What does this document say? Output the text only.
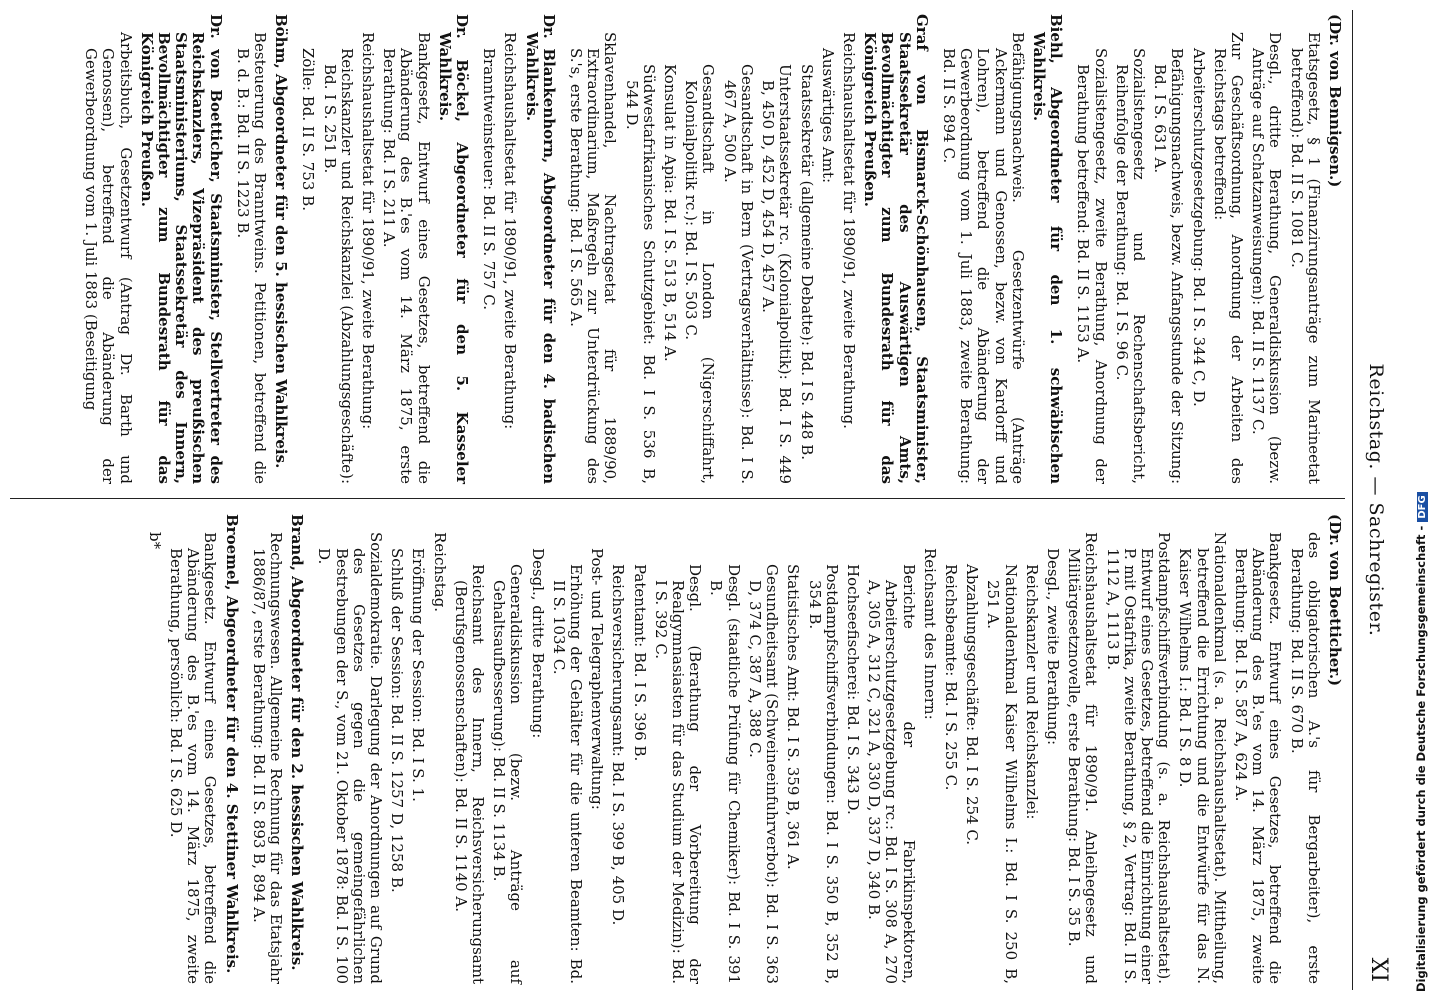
Reichstag. — Sachregister.
XI
(Dr. von Bennigsen.)
Etatsgesetz, § 1 (Finanzirungsanträge zum Marineetat betreffend): Bd. II S. 1081 C.
Desgl., dritte Berathung, Generaldiskussion (bezw. Anträge auf Schatzanweisungen): Bd. II S. 1137 C.
Zur Geschäftsordnung, Anordnung der Arbeiten des Reichstags betreffend:
Arbeiterschutzgesetzgebung: Bd. I S. 344 C, D.
Befähigungsnachweis, bezw. Anfangsstunde der Sitzung: Bd. I S. 631 A.
Sozialistengesetz und Rechenschaftsbericht, Reihenfolge der Berathung: Bd. I S. 96 C.
Sozialistengesetz, zweite Berathung, Anordnung der Berathung betreffend: Bd. II S. 1153 A.
Biehl, Abgeordneter für den 1. schwäbischen Wahlkreis.
Befähigungsnachweis. Gesetzentwürfe (Anträge Ackermann und Genossen, bezw. von Kardorff und Lohren), betreffend die Abänderung der Gewerbeordnung vom 1. Juli 1883, zweite Berathung: Bd. II S. 894 C.
Graf von Bismarck-Schönhausen, Staatsminister, Staatssekretär des Auswärtigen Amts, Bevollmächtigter zum Bundesrath für das Königreich Preußen.
Reichshaushaltsetat für 1890/91, zweite Berathung.
Auswärtiges Amt:
Staatssekretär (allgemeine Debatte): Bd. I S. 448 B.
Unterstaatssekretär rc. (Kolonialpolitik): Bd. I S. 449 B, 450 D, 452 D, 454 D, 457 A.
Gesandtschaft in Bern (Vertragsverhältnisse): Bd. I S. 467 A, 500 A.
Gesandtschaft in London (Nigerschiffahrt, Kolonialpolitik rc.): Bd. I S. 503 C.
Konsulat in Apia: Bd. I S. 513 B, 514 A.
Südwestafrikanisches Schutzgebiet: Bd. I S. 536 B, 544 D.
Sklavenhandel, Nachtragsetat für 1889/90, Extraordinarium, Maßregeln zur Unterdrückung des S.'s, erste Berathung: Bd. I S. 565 A.
Dr. Blankenhorn, Abgeordneter für den 4. badischen Wahlkreis.
Reichshaushaltsetat für 1890/91, zweite Berathung:
Branntweinsteuer: Bd. II S. 757 C.
Dr. Böckel, Abgeordneter für den 5. Kasseler Wahlkreis.
Bankgesetz, Entwurf eines Gesetzes, betreffend die Abänderung des B.'es vom 14. März 1875, erste Berathung: Bd. I S. 211 A.
Reichshaushaltsetat für 1890/91, zweite Berathung:
Reichskanzler und Reichskanzlei (Abzahlungsgeschäfte): Bd. I S. 251 B.
Zölle: Bd. II S. 753 B.
Böhm, Abgeordneter für den 5. hessischen Wahlkreis.
Besteuerung des Branntweins. Petitionen, betreffend die B. d. B.: Bd. II S. 1223 B.
Dr. von Boetticher, Staatsminister, Stellvertreter des Reichskanzlers, Vizepräsident des preußischen Staatsministeriums, Staatssekretär des Innern, Bevollmächtigter zum Bundesrath für das Königreich Preußen.
Arbeitsbuch, Gesetzentwurf (Antrag Dr. Barth und Genossen), betreffend die Abänderung der Gewerbeordnung vom 1. Juli 1883 (Beseitigung
(Dr. von Boetticher.)
des obligatorischen A.'s für Bergarbeiter), erste Berathung: Bd. II S. 670 B.
Bankgesetz. Entwurf eines Gesetzes, betreffend die Abänderung des B.'es vom 14. März 1875, zweite Berathung: Bd. I S. 587 A, 624 A.
Nationaldenkmal (s. a. Reichshaushaltsetat). Mittheilung, betreffend die Errichtung und die Entwürfe für das N. Kaiser Wilhelms I.: Bd. I S. 8 D.
Postdampfschiffsverbindung (s. a. Reichshaushaltsetat). Entwurf eines Gesetzes, betreffend die Einrichtung einer P. mit Ostafrika, zweite Berathung, § 2, Vertrag: Bd. II S. 1112 A, 1113 B.
Reichshaushaltsetat für 1890/91. Anleihegesetz und Militärgesetznovelle, erste Berathung: Bd. I S. 35 B.
Desgl., zweite Berathung:
Reichskanzler und Reichskanzlei:
Nationaldenkmal Kaiser Wilhelms I.: Bd. I S. 250 B, 251 A.
Abzahlungsgeschäfte: Bd. I S. 254 C.
Reichsbeamte: Bd. I S. 255 C.
Reichsamt des Innern:
Berichte der Fabrikinspektoren, Arbeiterschutzgesetzgebung rc.: Bd. I S. 308 A, 270 A, 305 A, 312 C, 321 A, 330 D, 337 D, 340 B.
Hochseefischerei: Bd. I S. 343 D.
Postdampfschiffsverbindungen: Bd. I S. 350 B, 352 B, 354 B.
Statistisches Amt: Bd. I S. 359 B, 361 A.
Gesundheitsamt (Schweineeinfuhrverbot): Bd. I S. 363 D, 374 C, 387 A, 388 C.
Desgl. (staatliche Prüfung für Chemiker): Bd. I S. 391 B.
Desgl. (Berathung der Vorbereitung der Realgymnasiasten für das Studium der Medizin): Bd. I S. 392 C.
Patentamt: Bd. I S. 396 B.
Reichsversicherungsamt: Bd. I S. 399 B, 405 D.
Post- und Telegraphenverwaltung:
Erhöhung der Gehälter für die unteren Beamten: Bd. II S. 1034 C.
Desgl., dritte Berathung:
Generaldiskussion (bezw. Anträge auf Gehaltsaufbesserung): Bd. II S. 1134 B.
Reichsamt des Innern, Reichsversicherungsamt (Berufsgenossenschaften): Bd. II S. 1140 A.
Reichstag.
Eröffnung der Session: Bd. I S. 1.
Schluß der Session: Bd. II S. 1257 D, 1258 B.
Sozialdemokratie. Darlegung der Anordnungen auf Grund des Gesetzes gegen die gemeingefährlichen Bestrebungen der S., vom 21. Oktober 1878: Bd. I S. 100 D.
Brand, Abgeordneter für den 2. hessischen Wahlkreis.
Rechnungswesen. Allgemeine Rechnung für das Etatsjahr 1886/87, erste Berathung: Bd. II S. 893 B, 894 A.
Broemel, Abgeordneter für den 4. Stettiner Wahlkreis.
Bankgesetz. Entwurf eines Gesetzes, betreffend die Abänderung des B.'es vom 14. März 1875, zweite Berathung, persönlich: Bd. I S. 625 D.
b*	Digitalisierung gefördert durch die Deutsche Forschungsgemeinschaft -DFG
